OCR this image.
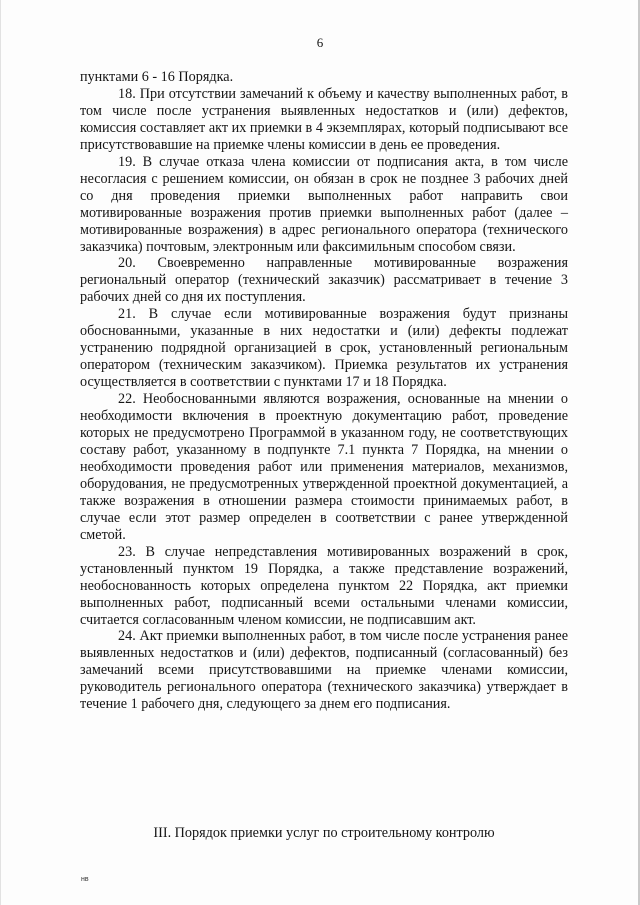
6

пунктами 6 - 16 Порядка.

18. При отсутствии замечаний к объему и качеству выполненных работ, в том числе после устранения выявленных недостатков и (или) дефектов, комиссия составляет акт их приемки в 4 экземплярах, который подписывают все присутствовавшие на приемке члены комиссии в день ее проведения.

19. В случае отказа члена комиссии от подписания акта, в том числе несогласия с решением комиссии, он обязан в срок не позднее 3 рабочих дней со дня проведения приемки выполненных работ направить свои мотивированные возражения против приемки выполненных работ (далее – мотивированные возражения) в адрес регионального оператора (технического заказчика) почтовым, электронным или факсимильным способом связи.

20. Своевременно направленные мотивированные возражения региональный оператор (технический заказчик) рассматривает в течение 3 рабочих дней со дня их поступления.

21. В случае если мотивированные возражения будут признаны обоснованными, указанные в них недостатки и (или) дефекты подлежат устранению подрядной организацией в срок, установленный региональным оператором (техническим заказчиком). Приемка результатов их устранения осуществляется в соответствии с пунктами 17 и 18 Порядка.

22. Необоснованными являются возражения, основанные на мнении о необходимости включения в проектную документацию работ, проведение которых не предусмотрено Программой в указанном году, не соответствующих составу работ, указанному в подпункте 7.1 пункта 7 Порядка, на мнении о необходимости проведения работ или применения материалов, механизмов, оборудования, не предусмотренных утвержденной проектной документацией, а также возражения в отношении размера стоимости принимаемых работ, в случае если этот размер определен в соответствии с ранее утвержденной сметой.

23. В случае непредставления мотивированных возражений в срок, установленный пунктом 19 Порядка, а также представление возражений, необоснованность которых определена пунктом 22 Порядка, акт приемки выполненных работ, подписанный всеми остальными членами комиссии, считается согласованным членом комиссии, не подписавшим акт.

24. Акт приемки выполненных работ, в том числе после устранения ранее выявленных недостатков и (или) дефектов, подписанный (согласованный) без замечаний всеми присутствовавшими на приемке членами комиссии, руководитель регионального оператора (технического заказчика) утверждает в течение 1 рабочего дня, следующего за днем его подписания.

III. Порядок приемки услуг по строительному контролю
нв
